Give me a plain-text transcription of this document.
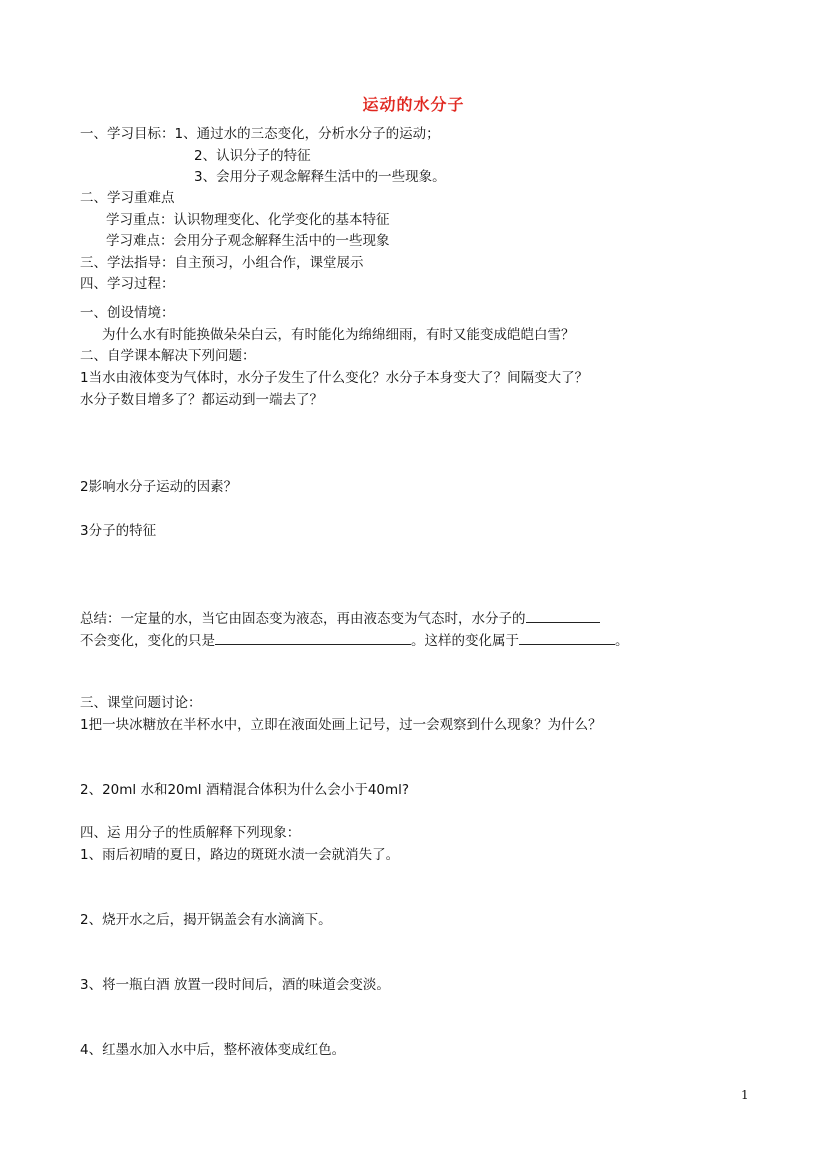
运动的水分子
一、学习目标：1、通过水的三态变化，分析水分子的运动；
2、认识分子的特征
3、会用分子观念解释生活中的一些现象。
二、学习重难点
学习重点：认识物理变化、化学变化的基本特征
学习难点：会用分子观念解释生活中的一些现象
三、学法指导：自主预习，小组合作，课堂展示
四、学习过程：
一、创设情境：
为什么水有时能换做朵朵白云，有时能化为绵绵细雨，有时又能变成皑皑白雪？
二、自学课本解决下列问题：
1当水由液体变为气体时，水分子发生了什么变化？水分子本身变大了？间隔变大了？
水分子数目增多了？都运动到一端去了？
2影响水分子运动的因素？
3分子的特征
总结：一定量的水，当它由固态变为液态，再由液态变为气态时，水分子的
不会变化，变化的只是	。这样的变化属于	。
三、课堂问题讨论：
1把一块冰糖放在半杯水中，立即在液面处画上记号，过一会观察到什么现象？为什么？
2、20ml 水和20ml 酒精混合体积为什么会小于40ml?
四、运 用分子的性质解释下列现象：
1、雨后初晴的夏日，路边的斑斑水渍一会就消失了。
2、烧开水之后，揭开锅盖会有水滴滴下。
3、将一瓶白酒 放置一段时间后，酒的味道会变淡。
4、红墨水加入水中后，整杯液体变成红色。
1
